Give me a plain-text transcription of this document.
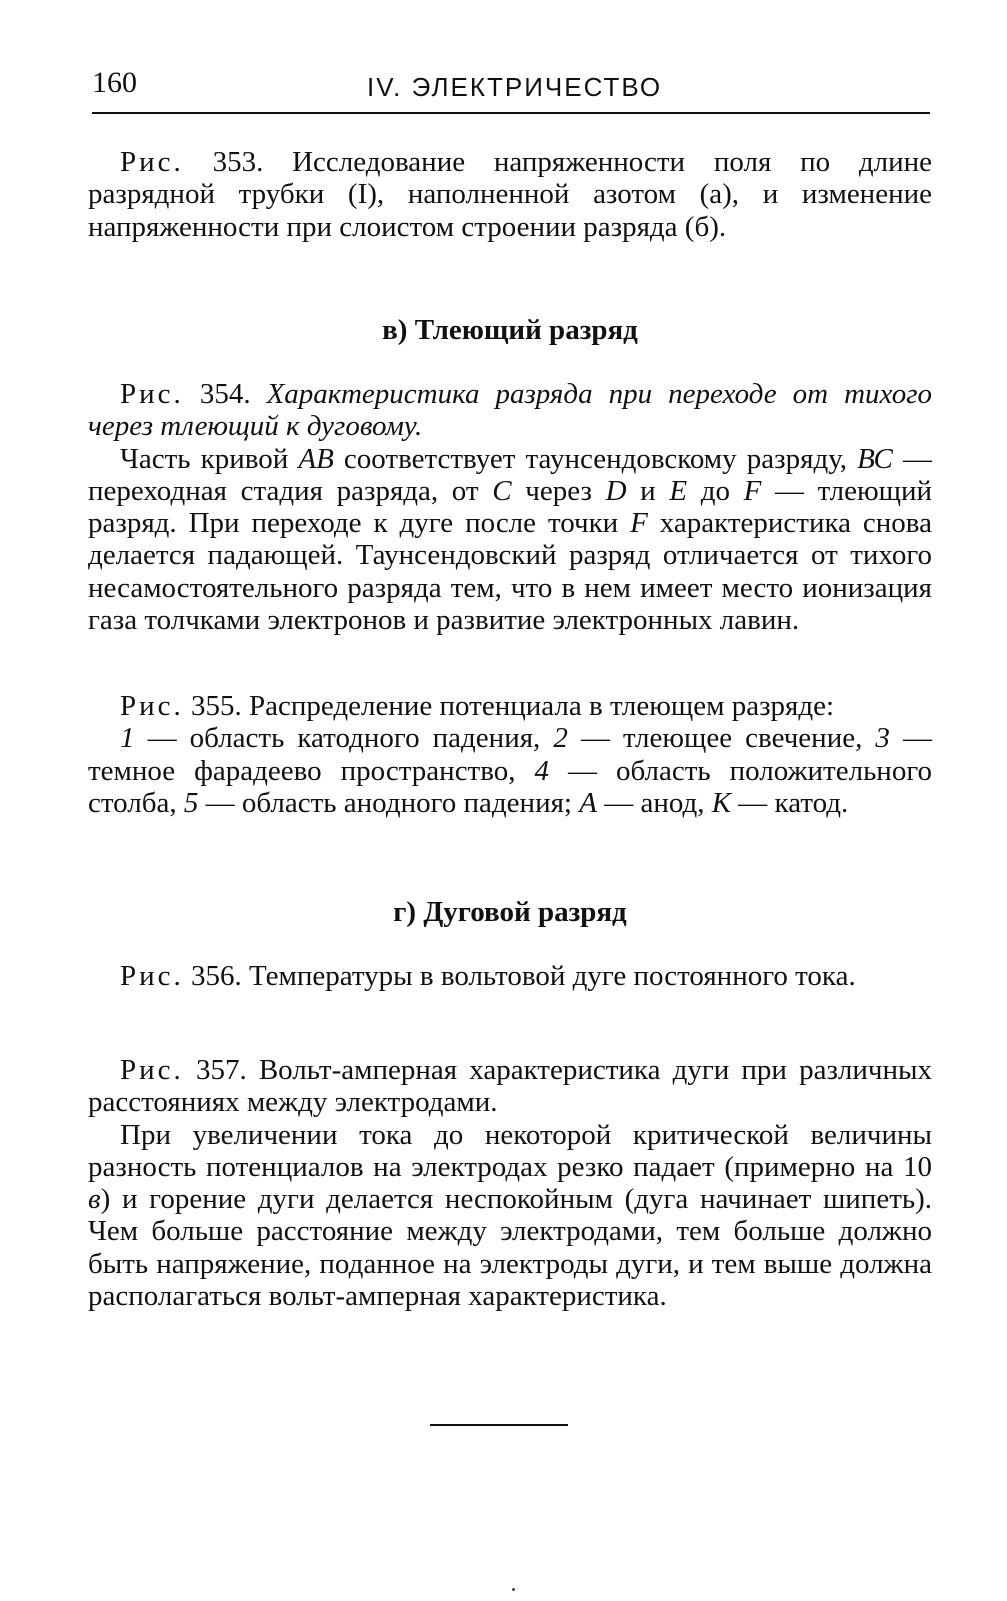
160	IV. ЭЛЕКТРИЧЕСТВО

Рис. 353. Исследование напряженности поля по длине разрядной трубки (I), наполненной азотом (а), и изменение напряженности при слоистом строении разряда (б).

в) Тлеющий разряд

Рис. 354. Характеристика разряда при переходе от тихого через тлеющий к дуговому.

Часть кривой АВ соответствует таунсендовскому разряду, ВС — переходная стадия разряда, от С через D и Е до F — тлеющий разряд. При переходе к дуге после точки F характеристика снова делается падающей. Таунсендовский разряд отличается от тихого несамостоятельного разряда тем, что в нем имеет место ионизация газа толчками электронов и развитие электронных лавин.

Рис. 355. Распределение потенциала в тлеющем разряде:

1 — область катодного падения, 2 — тлеющее свечение, 3 — темное фарадеево пространство, 4 — область положительного столба, 5 — область анодного падения; А — анод, К — катод.

г) Дуговой разряд

Рис. 356. Температуры в вольтовой дуге постоянного тока.

Рис. 357. Вольт-амперная характеристика дуги при различных расстояниях между электродами.

При увеличении тока до некоторой критической величины разность потенциалов на электродах резко падает (примерно на 10 в) и горение дуги делается неспокойным (дуга начинает шипеть). Чем больше расстояние между электродами, тем больше должно быть напряжение, поданное на электроды дуги, и тем выше должна располагаться вольт-амперная характеристика.
